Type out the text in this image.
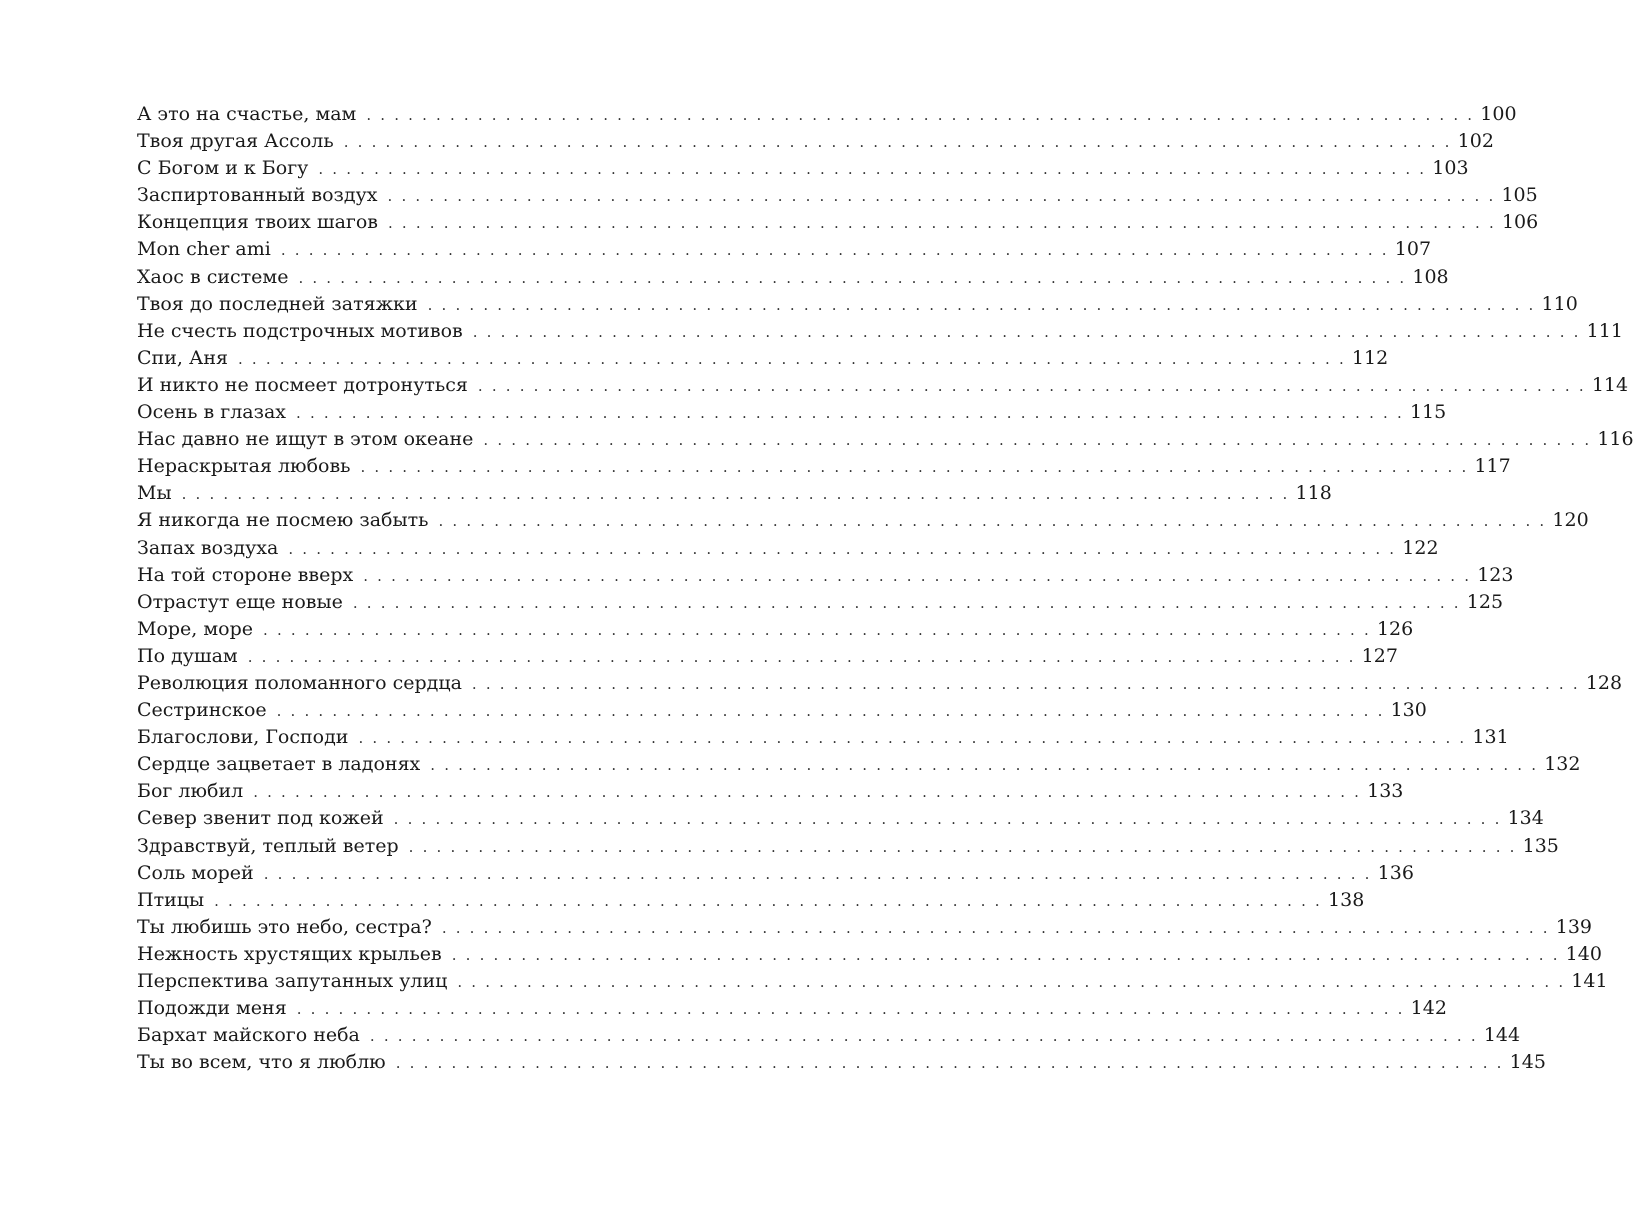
А это на счастье, мам . . . . . . . . . . . . . . . . . . . . . . . . . . . . . . . . . . . . . . . . . . . . . . . . . . . . . . . . . . . . . . . . . . . . . . . . . . . . . . . . 100
Твоя другая Ассоль . . . . . . . . . . . . . . . . . . . . . . . . . . . . . . . . . . . . . . . . . . . . . . . . . . . . . . . . . . . . . . . . . . . . . . . . . . . . . . . . 102
С Богом и к Богу . . . . . . . . . . . . . . . . . . . . . . . . . . . . . . . . . . . . . . . . . . . . . . . . . . . . . . . . . . . . . . . . . . . . . . . . . . . . . . . . 103
Заспиртованный воздух . . . . . . . . . . . . . . . . . . . . . . . . . . . . . . . . . . . . . . . . . . . . . . . . . . . . . . . . . . . . . . . . . . . . . . . . . . . . . . . . 105
Концепция твоих шагов . . . . . . . . . . . . . . . . . . . . . . . . . . . . . . . . . . . . . . . . . . . . . . . . . . . . . . . . . . . . . . . . . . . . . . . . . . . . . . . . 106
Mon cher ami . . . . . . . . . . . . . . . . . . . . . . . . . . . . . . . . . . . . . . . . . . . . . . . . . . . . . . . . . . . . . . . . . . . . . . . . . . . . . . . . 107
Хаос в системе . . . . . . . . . . . . . . . . . . . . . . . . . . . . . . . . . . . . . . . . . . . . . . . . . . . . . . . . . . . . . . . . . . . . . . . . . . . . . . . . 108
Твоя до последней затяжки . . . . . . . . . . . . . . . . . . . . . . . . . . . . . . . . . . . . . . . . . . . . . . . . . . . . . . . . . . . . . . . . . . . . . . . . . . . . . . . . 110
Не счесть подстрочных мотивов . . . . . . . . . . . . . . . . . . . . . . . . . . . . . . . . . . . . . . . . . . . . . . . . . . . . . . . . . . . . . . . . . . . . . . . . . . . . . . . . 111
Спи, Аня . . . . . . . . . . . . . . . . . . . . . . . . . . . . . . . . . . . . . . . . . . . . . . . . . . . . . . . . . . . . . . . . . . . . . . . . . . . . . . . . 112
И никто не посмеет дотронуться . . . . . . . . . . . . . . . . . . . . . . . . . . . . . . . . . . . . . . . . . . . . . . . . . . . . . . . . . . . . . . . . . . . . . . . . . . . . . . . . 114
Осень в глазах . . . . . . . . . . . . . . . . . . . . . . . . . . . . . . . . . . . . . . . . . . . . . . . . . . . . . . . . . . . . . . . . . . . . . . . . . . . . . . . . 115
Нас давно не ищут в этом океане . . . . . . . . . . . . . . . . . . . . . . . . . . . . . . . . . . . . . . . . . . . . . . . . . . . . . . . . . . . . . . . . . . . . . . . . . . . . . . . . 116
Нераскрытая любовь . . . . . . . . . . . . . . . . . . . . . . . . . . . . . . . . . . . . . . . . . . . . . . . . . . . . . . . . . . . . . . . . . . . . . . . . . . . . . . . . 117
Мы . . . . . . . . . . . . . . . . . . . . . . . . . . . . . . . . . . . . . . . . . . . . . . . . . . . . . . . . . . . . . . . . . . . . . . . . . . . . . . . . 118
Я никогда не посмею забыть . . . . . . . . . . . . . . . . . . . . . . . . . . . . . . . . . . . . . . . . . . . . . . . . . . . . . . . . . . . . . . . . . . . . . . . . . . . . . . . . 120
Запах воздуха . . . . . . . . . . . . . . . . . . . . . . . . . . . . . . . . . . . . . . . . . . . . . . . . . . . . . . . . . . . . . . . . . . . . . . . . . . . . . . . . 122
На той стороне вверх . . . . . . . . . . . . . . . . . . . . . . . . . . . . . . . . . . . . . . . . . . . . . . . . . . . . . . . . . . . . . . . . . . . . . . . . . . . . . . . . 123
Отрастут еще новые . . . . . . . . . . . . . . . . . . . . . . . . . . . . . . . . . . . . . . . . . . . . . . . . . . . . . . . . . . . . . . . . . . . . . . . . . . . . . . . . 125
Море, море . . . . . . . . . . . . . . . . . . . . . . . . . . . . . . . . . . . . . . . . . . . . . . . . . . . . . . . . . . . . . . . . . . . . . . . . . . . . . . . . 126
По душам . . . . . . . . . . . . . . . . . . . . . . . . . . . . . . . . . . . . . . . . . . . . . . . . . . . . . . . . . . . . . . . . . . . . . . . . . . . . . . . . 127
Революция поломанного сердца . . . . . . . . . . . . . . . . . . . . . . . . . . . . . . . . . . . . . . . . . . . . . . . . . . . . . . . . . . . . . . . . . . . . . . . . . . . . . . . . 128
Сестринское . . . . . . . . . . . . . . . . . . . . . . . . . . . . . . . . . . . . . . . . . . . . . . . . . . . . . . . . . . . . . . . . . . . . . . . . . . . . . . . . 130
Благослови, Господи . . . . . . . . . . . . . . . . . . . . . . . . . . . . . . . . . . . . . . . . . . . . . . . . . . . . . . . . . . . . . . . . . . . . . . . . . . . . . . . . 131
Сердце зацветает в ладонях . . . . . . . . . . . . . . . . . . . . . . . . . . . . . . . . . . . . . . . . . . . . . . . . . . . . . . . . . . . . . . . . . . . . . . . . . . . . . . . . 132
Бог любил . . . . . . . . . . . . . . . . . . . . . . . . . . . . . . . . . . . . . . . . . . . . . . . . . . . . . . . . . . . . . . . . . . . . . . . . . . . . . . . . 133
Север звенит под кожей . . . . . . . . . . . . . . . . . . . . . . . . . . . . . . . . . . . . . . . . . . . . . . . . . . . . . . . . . . . . . . . . . . . . . . . . . . . . . . . . 134
Здравствуй, теплый ветер . . . . . . . . . . . . . . . . . . . . . . . . . . . . . . . . . . . . . . . . . . . . . . . . . . . . . . . . . . . . . . . . . . . . . . . . . . . . . . . . 135
Соль морей . . . . . . . . . . . . . . . . . . . . . . . . . . . . . . . . . . . . . . . . . . . . . . . . . . . . . . . . . . . . . . . . . . . . . . . . . . . . . . . . 136
Птицы . . . . . . . . . . . . . . . . . . . . . . . . . . . . . . . . . . . . . . . . . . . . . . . . . . . . . . . . . . . . . . . . . . . . . . . . . . . . . . . . 138
Ты любишь это небо, сестра? . . . . . . . . . . . . . . . . . . . . . . . . . . . . . . . . . . . . . . . . . . . . . . . . . . . . . . . . . . . . . . . . . . . . . . . . . . . . . . . . 139
Нежность хрустящих крыльев . . . . . . . . . . . . . . . . . . . . . . . . . . . . . . . . . . . . . . . . . . . . . . . . . . . . . . . . . . . . . . . . . . . . . . . . . . . . . . . . 140
Перспектива запутанных улиц . . . . . . . . . . . . . . . . . . . . . . . . . . . . . . . . . . . . . . . . . . . . . . . . . . . . . . . . . . . . . . . . . . . . . . . . . . . . . . . . 141
Подожди меня . . . . . . . . . . . . . . . . . . . . . . . . . . . . . . . . . . . . . . . . . . . . . . . . . . . . . . . . . . . . . . . . . . . . . . . . . . . . . . . . 142
Бархат майского неба . . . . . . . . . . . . . . . . . . . . . . . . . . . . . . . . . . . . . . . . . . . . . . . . . . . . . . . . . . . . . . . . . . . . . . . . . . . . . . . . 144
Ты во всем, что я люблю . . . . . . . . . . . . . . . . . . . . . . . . . . . . . . . . . . . . . . . . . . . . . . . . . . . . . . . . . . . . . . . . . . . . . . . . . . . . . . . . 145
